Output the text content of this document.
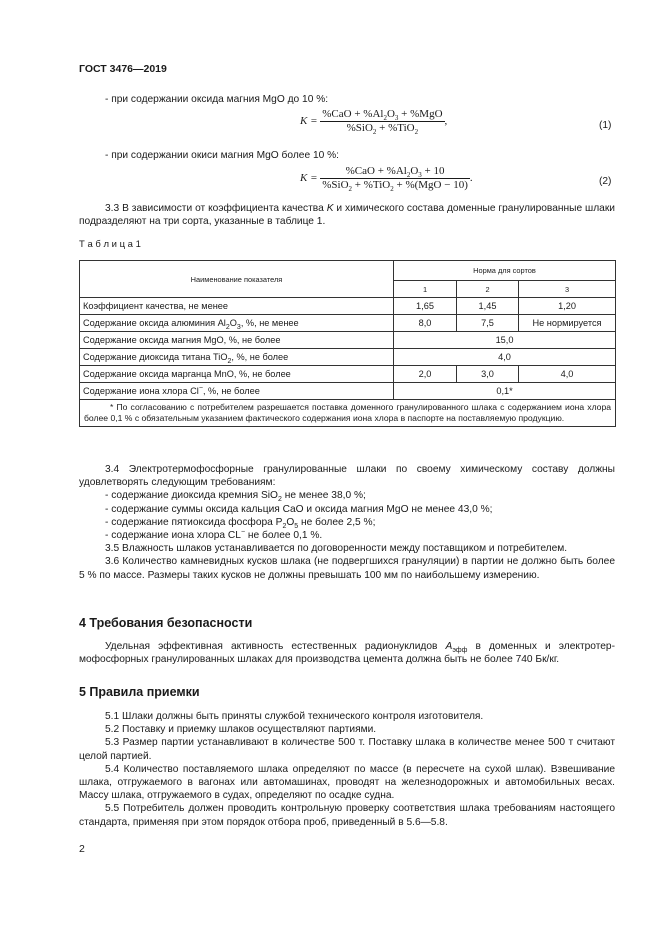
ГОСТ 3476—2019
- при содержании оксида магния MgO до 10 %:
$K = \frac{\%CaO + \%Al_2O_3 + \%MgO}{\%SiO_2 + \%TiO_2}$ ,	(1)
- при содержании окиси магния MgO более 10 %:
$K = \frac{\%CaO + \%Al_2O_3 + 10}{\%SiO_2 + \%TiO_2 + \%(MgO - 10)}$ .	(2)
3.3 В зависимости от коэффициента качества K и химического состава доменные гранулированные шлаки подразделяют на три сорта, указанные в таблице 1.
Т а б л и ц а 1
Наименование показателя	Норма для сортов		
	1	2	3
Коэффициент качества, не менее	1,65	1,45	1,20
Содержание оксида алюминия $Al_2O_3$, %, не менее	8,0	7,5	Не нормируется
Содержание оксида магния MgO, %, не более	15,0		
Содержание диоксида титана TiO$_2$, %, не более	4,0		
Содержание оксида марганца MnO, %, не более	2,0	3,0	4,0
Содержание иона хлора Cl−, %, не более	0,1*		
* По согласованию с потребителем разрешается поставка доменного гранулированного шлака с содержанием иона хлора более 0,1 % с обязательным указанием фактического содержания иона хлора в паспорте на поставляемую продукцию.			
3.4 Электротермофосфорные гранулированные шлаки по своему химическому составу должны удовлетворять следующим требованиям:
- содержание диоксида кремния SiO$_2$ не менее 38,0 %;
- содержание суммы оксида кальция CaO и оксида магния MgO не менее 43,0 %;
- содержание пятиоксида фосфора $P_2O_5$ не более 2,5 %;
- содержание иона хлора CL− не более 0,1 %.
3.5 Влажность шлаков устанавливается по договоренности между поставщиком и потребителем.
3.6 Количество камневидных кусков шлака (не подвергшихся грануляции) в партии не должно быть более 5 % по массе. Размеры таких кусков не должны превышать 100 мм по наибольшему измерению.
4 Требования безопасности
Удельная эффективная активность естественных радионуклидов $А_{эфф}$ в доменных и электротермофосфорных гранулированных шлаках для производства цемента должна быть не более 740 Бк/кг.
5 Правила приемки
5.1 Шлаки должны быть приняты службой технического контроля изготовителя.
5.2 Поставку и приемку шлаков осуществляют партиями.
5.3 Размер партии устанавливают в количестве 500 т. Поставку шлака в количестве менее 500 т считают целой партией.
5.4 Количество поставляемого шлака определяют по массе (в пересчете на сухой шлак). Взвешивание шлака, отгружаемого в вагонах или автомашинах, проводят на железнодорожных и автомобильных весах. Массу шлака, отгружаемого в судах, определяют по осадке судна.
5.5 Потребитель должен проводить контрольную проверку соответствия шлака требованиям настоящего стандарта, применяя при этом порядок отбора проб, приведенный в 5.6—5.8.
2
